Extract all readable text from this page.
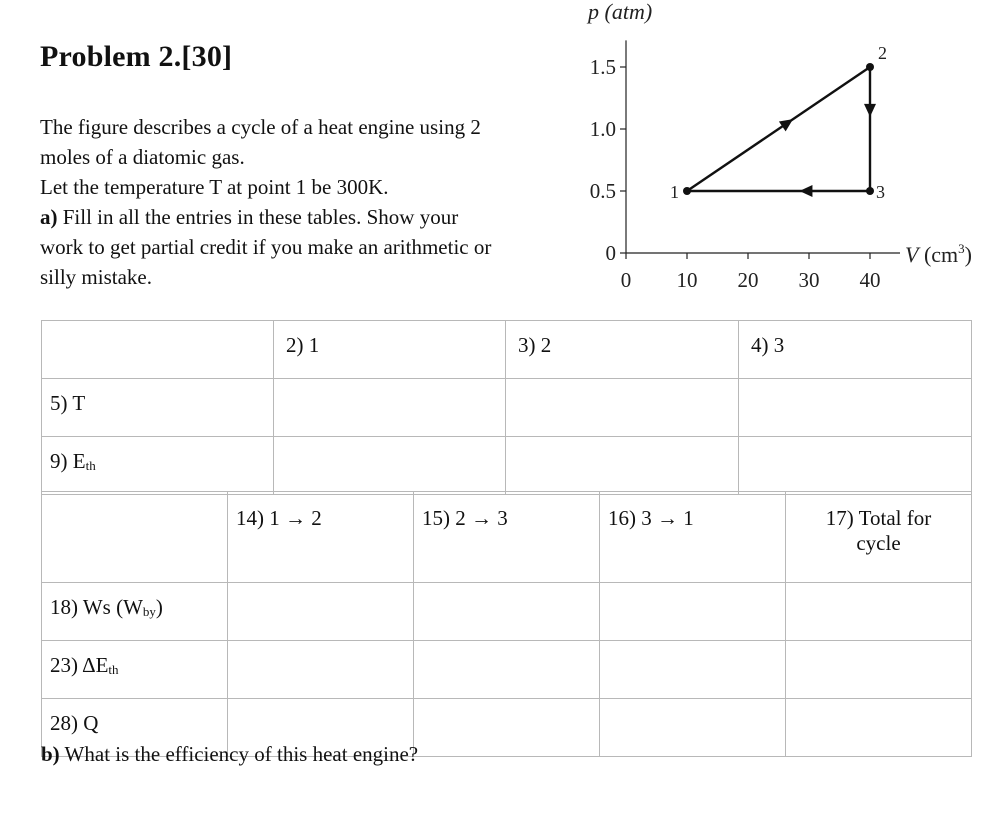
Problem 2.[30]
The figure describes a cycle of a heat engine using 2
moles of a diatomic gas.
Let the temperature T at point 1 be 300K.
a) Fill in all the entries in these tables. Show your
work to get partial credit if you make an arithmetic or
silly mistake.
p (atm)
0
0.5
1.0
1.5
0 10 20 30 40
1
2
3
V $(cm^3)$
	2) 1	3) 2	4) 3
5) T			
9) Eth			
	14) 1 → 2	15) 2 → 3	16) 3 → 1	17) Total for
cycle

18) Ws (Wby)				
23) ΔEth				
28) Q				
b) What is the efficiency of this heat engine?
